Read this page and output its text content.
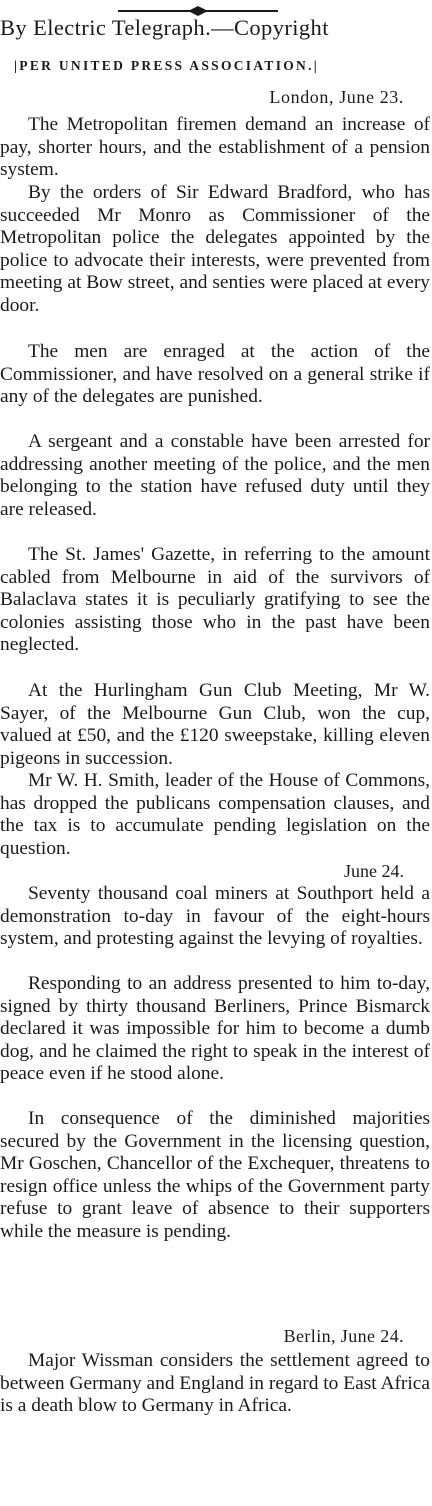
By Electric Telegraph.—Copyright
|PER UNITED PRESS ASSOCIATION.|
London, June 23.

The Metropolitan firemen demand an increase of pay, shorter hours, and the establishment of a pension system.

By the orders of Sir Edward Bradford, who has succeeded Mr Monro as Commissioner of the Metropolitan police the delegates appointed by the police to advocate their interests, were prevented from meeting at Bow street, and senties were placed at every door.

The men are enraged at the action of the Commissioner, and have resolved on a general strike if any of the delegates are punished.

A sergeant and a constable have been arrested for addressing another meeting of the police, and the men belonging to the station have refused duty until they are released.

The St. James' Gazette, in referring to the amount cabled from Melbourne in aid of the survivors of Balaclava states it is peculiarly gratifying to see the colonies assisting those who in the past have been neglected.

At the Hurlingham Gun Club Meeting, Mr W. Sayer, of the Melbourne Gun Club, won the cup, valued at £50, and the £120 sweepstake, killing eleven pigeons in succession.

Mr W. H. Smith, leader of the House of Commons, has dropped the publicans compensation clauses, and the tax is to accumulate pending legislation on the question.

June 24.

Seventy thousand coal miners at Southport held a demonstration to-day in favour of the eight-hours system, and protesting against the levying of royalties.

Responding to an address presented to him to-day, signed by thirty thousand Berliners, Prince Bismarck declared it was impossible for him to become a dumb dog, and he claimed the right to speak in the interest of peace even if he stood alone.

In consequence of the diminished majorities secured by the Government in the licensing question, Mr Goschen, Chancellor of the Exchequer, threatens to resign office unless the whips of the Government party refuse to grant leave of absence to their supporters while the measure is pending.

Berlin, June 24.

Major Wissman considers the settlement agreed to between Germany and England in regard to East Africa is a death blow to Germany in Africa.
